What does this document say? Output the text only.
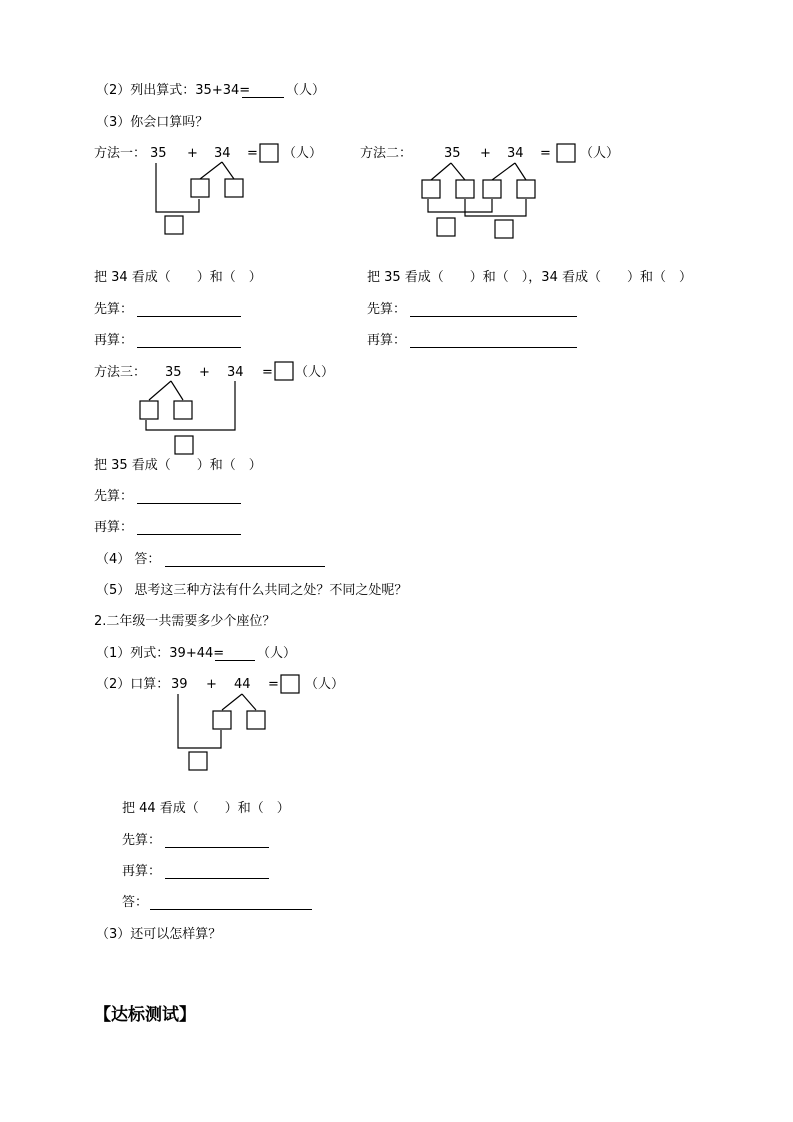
（2）列出算式：35+34=	（人）
（3）你会口算吗？
方法一： 35 + 34 = （人）	方法二： 35 + 34 = （人）
方法三： 35 + 34 = （人）
（2）口算： 39 + 44 = （人）
把 34 看成（　　）和（　）	把 35 看成（　　）和（　），34 看成（　　）和（　）
先算：	先算：
再算：	再算：
把 35 看成（　　）和（　）
先算：
再算：
（4） 答：
（5） 思考这三种方法有什么共同之处？不同之处呢？
2.二年级一共需要多少个座位？
（1）列式：39+44=	（人）
把 44 看成（　　）和（　）
先算：
再算：
答：
（3）还可以怎样算？
【达标测试】
